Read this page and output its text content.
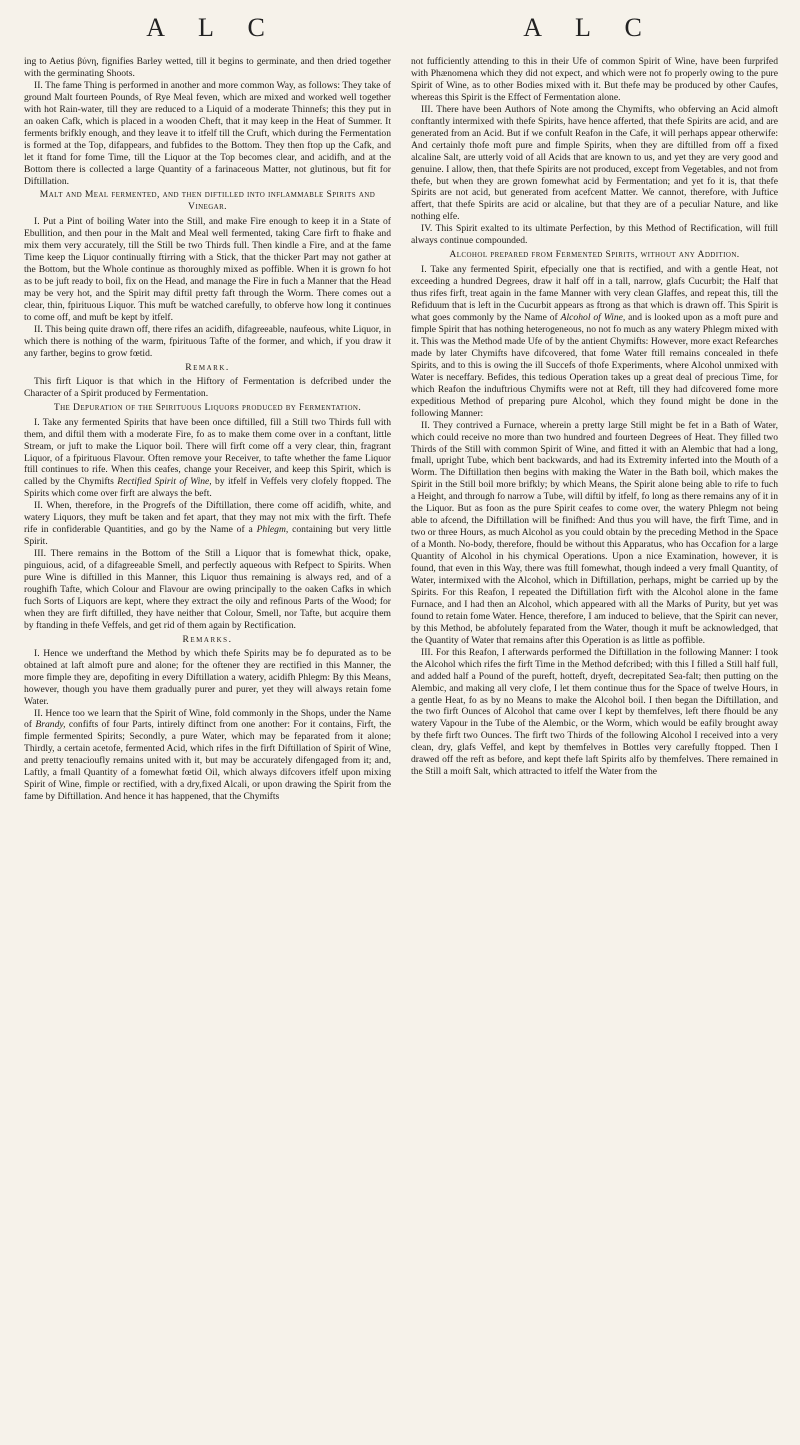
A L C	A L C

ing to Aetius βύνη, fignifies Barley wetted, till it begins to germinate, and then dried together with the germinating Shoots.

II. The fame Thing is performed in another and more common Way, as follows: They take of ground Malt fourteen Pounds, of Rye Meal feven, which are mixed and worked well together with hot Rain-water, till they are reduced to a Liquid of a moderate Thinnefs; this they put in an oaken Cafk, which is placed in a wooden Cheft, that it may keep in the Heat of Summer. It ferments brifkly enough, and they leave it to itfelf till the Cruft, which during the Fermentation is formed at the Top, difappears, and fubfides to the Bottom. They then ftop up the Cafk, and let it ftand for fome Time, till the Liquor at the Top becomes clear, and acidifh, and at the Bottom there is collected a large Quantity of a farinaceous Matter, not glutinous, but fit for Diftillation.

Malt and Meal fermented, and then diftilled into inflammable Spirits and Vinegar.

I. Put a Pint of boiling Water into the Still, and make Fire enough to keep it in a State of Ebullition, and then pour in the Malt and Meal well fermented, taking Care firft to fhake and mix them very accurately, till the Still be two Thirds full. Then kindle a Fire, and at the fame Time keep the Liquor continually ftirring with a Stick, that the thicker Part may not gather at the Bottom, but the Whole continue as thoroughly mixed as poffible. When it is grown fo hot as to be juft ready to boil, fix on the Head, and manage the Fire in fuch a Manner that the Head may be very hot, and the Spirit may diftil pretty faft through the Worm. There comes out a clear, thin, fpirituous Liquor. This muft be watched carefully, to obferve how long it continues to come off, and muft be kept by itfelf.

II. This being quite drawn off, there rifes an acidifh, difagreeable, naufeous, white Liquor, in which there is nothing of the warm, fpirituous Tafte of the former, and which, if you draw it any farther, begins to grow fœtid.

Remark.

This firft Liquor is that which in the Hiftory of Fermentation is defcribed under the Character of a Spirit produced by Fermentation.

The Depuration of the Spirituous Liquors produced by Fermentation.

I. Take any fermented Spirits that have been once diftilled, fill a Still two Thirds full with them, and diftil them with a moderate Fire, fo as to make them come over in a conftant, little Stream, or juft to make the Liquor boil. There will firft come off a very clear, thin, fragrant Liquor, of a fpirituous Flavour. Often remove your Receiver, to tafte whether the fame Liquor ftill continues to rife. When this ceafes, change your Receiver, and keep this Spirit, which is called by the Chymifts Rectified Spirit of Wine, by itfelf in Veffels very clofely ftopped. The Spirits which come over firft are always the beft.

II. When, therefore, in the Progrefs of the Diftillation, there come off acidifh, white, and watery Liquors, they muft be taken and fet apart, that they may not mix with the firft. Thefe rife in confiderable Quantities, and go by the Name of a Phlegm, containing but very little Spirit.

III. There remains in the Bottom of the Still a Liquor that is fomewhat thick, opake, pinguious, acid, of a difagreeable Smell, and perfectly aqueous with Refpect to Spirits. When pure Wine is diftilled in this Manner, this Liquor thus remaining is always red, and of a roughifh Tafte, which Colour and Flavour are owing principally to the oaken Cafks in which fuch Sorts of Liquors are kept, where they extract the oily and refinous Parts of the Wood; for when they are firft diftilled, they have neither that Colour, Smell, nor Tafte, but acquire them by ftanding in thefe Veffels, and get rid of them again by Rectification.

Remarks.

I. Hence we underftand the Method by which thefe Spirits may be fo depurated as to be obtained at laft almoft pure and alone; for the oftener they are rectified in this Manner, the more fimple they are, depofiting in every Diftillation a watery, acidifh Phlegm: By this Means, however, though you have them gradually purer and purer, yet they will always retain fome Water.

II. Hence too we learn that the Spirit of Wine, fold commonly in the Shops, under the Name of Brandy, confifts of four Parts, intirely diftinct from one another: For it contains, Firft, the fimple fermented Spirits; Secondly, a pure Water, which may be feparated from it alone; Thirdly, a certain acetofe, fermented Acid, which rifes in the firft Diftillation of Spirit of Wine, and pretty tenacioufly remains united with it, but may be accurately difengaged from it; and, Laftly, a fmall Quantity of a fomewhat fœtid Oil, which always difcovers itfelf upon mixing Spirit of Wine, fimple or rectified, with a dry,fixed Alcali, or upon drawing the Spirit from the fame by Diftillation. And hence it has happened, that the Chymifts

not fufficiently attending to this in their Ufe of common Spirit of Wine, have been furprifed with Phænomena which they did not expect, and which were not fo properly owing to the pure Spirit of Wine, as to other Bodies mixed with it. But thefe may be produced by other Caufes, whereas this Spirit is the Effect of Fermentation alone.

III. There have been Authors of Note among the Chymifts, who obferving an Acid almoft conftantly intermixed with thefe Spirits, have hence afferted, that thefe Spirits are acid, and are generated from an Acid. But if we confult Reafon in the Cafe, it will perhaps appear otherwife: And certainly thofe moft pure and fimple Spirits, when they are diftilled from off a fixed alcaline Salt, are utterly void of all Acids that are known to us, and yet they are very good and genuine. I allow, then, that thefe Spirits are not produced, except from Vegetables, and not from thefe, but when they are grown fomewhat acid by Fermentation; and yet fo it is, that thefe Spirits are not acid, but generated from acefcent Matter. We cannot, therefore, with Juftice affert, that thefe Spirits are acid or alcaline, but that they are of a peculiar Nature, and like nothing elfe.

IV. This Spirit exalted to its ultimate Perfection, by this Method of Rectification, will ftill always continue compounded.

Alcohol prepared from Fermented Spirits, without any Addition.

I. Take any fermented Spirit, efpecially one that is rectified, and with a gentle Heat, not exceeding a hundred Degrees, draw it half off in a tall, narrow, glafs Cucurbit; the Half that thus rifes firft, treat again in the fame Manner with very clean Glaffes, and repeat this, till the Refiduum that is left in the Cucurbit appears as ftrong as that which is drawn off. This Spirit is what goes commonly by the Name of Alcohol of Wine, and is looked upon as a moft pure and fimple Spirit that has nothing heterogeneous, no not fo much as any watery Phlegm mixed with it. This was the Method made Ufe of by the antient Chymifts: However, more exact Refearches made by later Chymifts have difcovered, that fome Water ftill remains concealed in thefe Spirits, and to this is owing the ill Succefs of thofe Experiments, where Alcohol unmixed with Water is neceffary. Befides, this tedious Operation takes up a great deal of precious Time, for which Reafon the induftrious Chymifts were not at Reft, till they had difcovered fome more expeditious Method of preparing pure Alcohol, which they found might be done in the following Manner:

II. They contrived a Furnace, wherein a pretty large Still might be fet in a Bath of Water, which could receive no more than two hundred and fourteen Degrees of Heat. They filled two Thirds of the Still with common Spirit of Wine, and fitted it with an Alembic that had a long, fmall, upright Tube, which bent backwards, and had its Extremity inferted into the Mouth of a Worm. The Diftillation then begins with making the Water in the Bath boil, which makes the Spirit in the Still boil more brifkly; by which Means, the Spirit alone being able to rife to fuch a Height, and through fo narrow a Tube, will diftil by itfelf, fo long as there remains any of it in the Liquor. But as foon as the pure Spirit ceafes to come over, the watery Phlegm not being able to afcend, the Diftillation will be finifhed: And thus you will have, the firft Time, and in two or three Hours, as much Alcohol as you could obtain by the preceding Method in the Space of a Month. No-body, therefore, fhould be without this Apparatus, who has Occafion for a large Quantity of Alcohol in his chymical Operations. Upon a nice Examination, however, it is found, that even in this Way, there was ftill fomewhat, though indeed a very fmall Quantity, of Water, intermixed with the Alcohol, which in Diftillation, perhaps, might be carried up by the Spirits. For this Reafon, I repeated the Diftillation firft with the Alcohol alone in the fame Furnace, and I had then an Alcohol, which appeared with all the Marks of Purity, but yet was found to retain fome Water. Hence, therefore, I am induced to believe, that the Spirit can never, by this Method, be abfolutely feparated from the Water, though it muft be acknowledged, that the Quantity of Water that remains after this Operation is as little as poffible.

III. For this Reafon, I afterwards performed the Diftillation in the following Manner: I took the Alcohol which rifes the firft Time in the Method defcribed; with this I filled a Still half full, and added half a Pound of the pureft, hotteft, dryeft, decrepitated Sea-falt; then putting on the Alembic, and making all very clofe, I let them continue thus for the Space of twelve Hours, in a gentle Heat, fo as by no Means to make the Alcohol boil. I then began the Diftillation, and the two firft Ounces of Alcohol that came over I kept by themfelves, left there fhould be any watery Vapour in the Tube of the Alembic, or the Worm, which would be eafily brought away by thefe firft two Ounces. The firft two Thirds of the following Alcohol I received into a very clean, dry, glafs Veffel, and kept by themfelves in Bottles very carefully ftopped. Then I drawed off the reft as before, and kept thefe laft Spirits alfo by themfelves. There remained in the Still a moift Salt, which attracted to itfelf the Water from the
